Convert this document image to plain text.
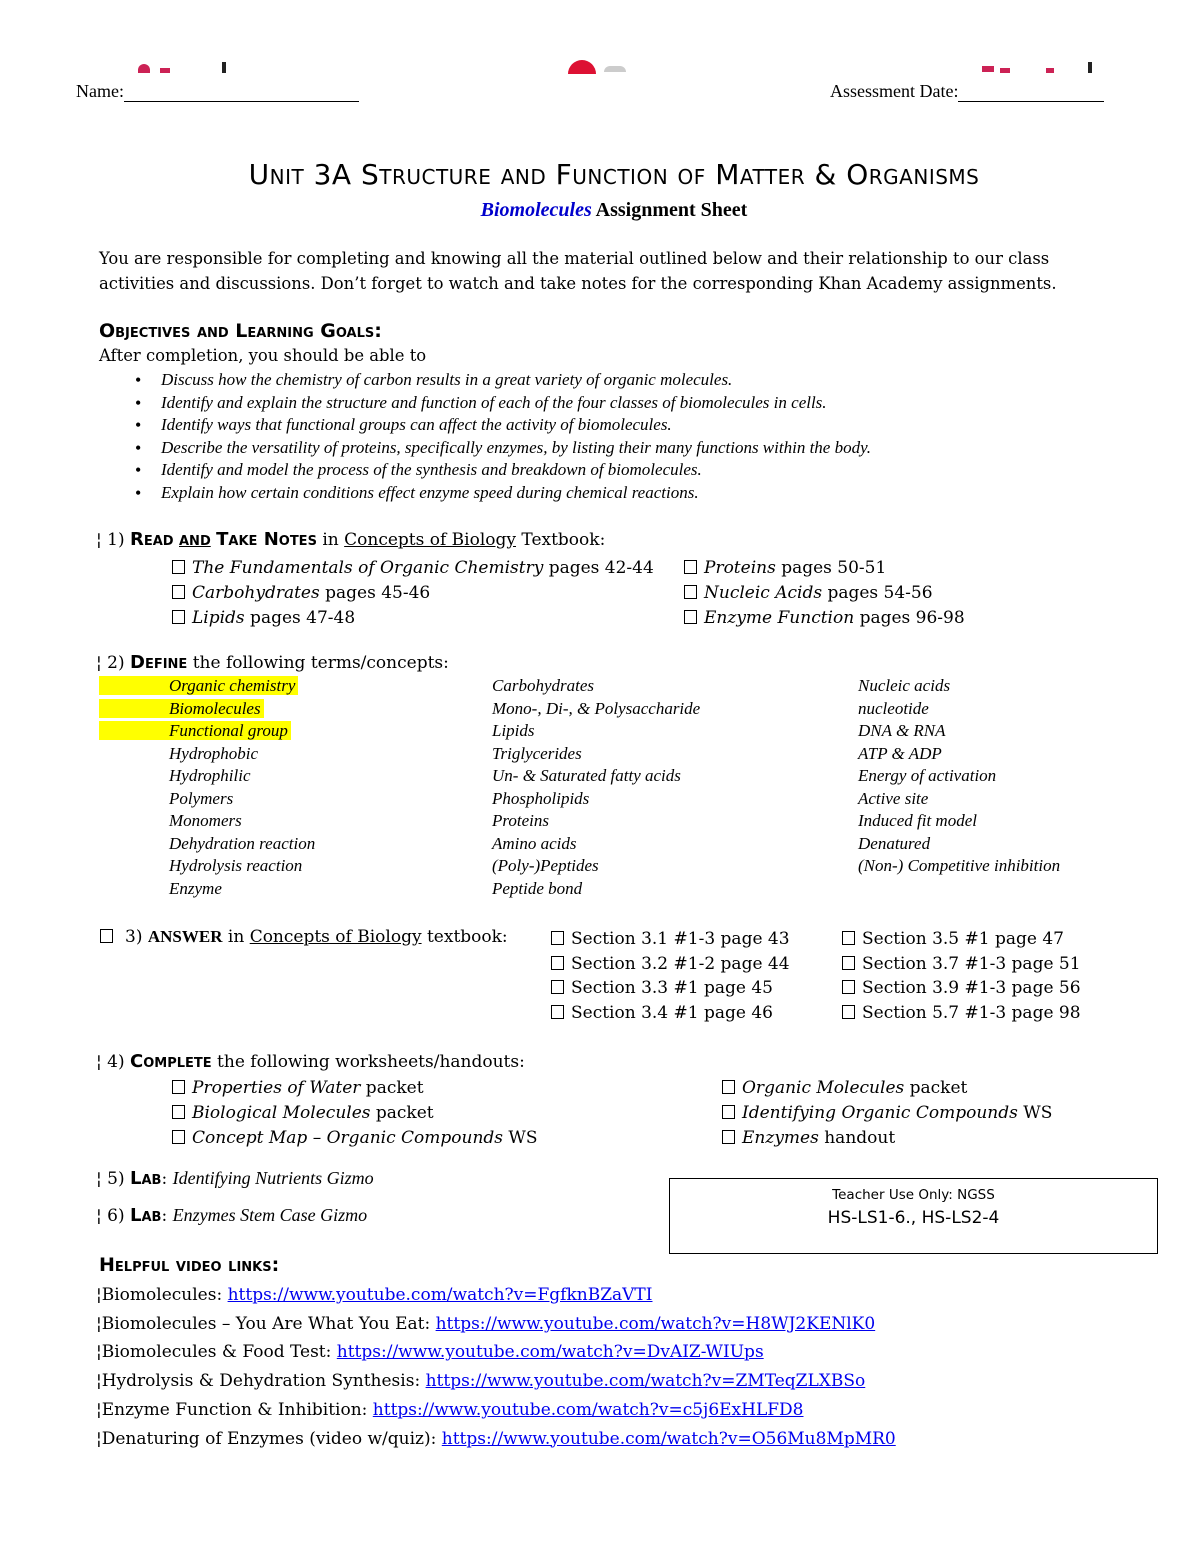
Name:	Assessment Date:
Unit 3A Structure and Function of Matter & Organisms
Biomolecules Assignment Sheet
You are responsible for completing and knowing all the material outlined below and their relationship to our class activities and discussions. Don’t forget to watch and take notes for the corresponding Khan Academy assignments.
Objectives and Learning Goals:
After completion, you should be able to
• Discuss how the chemistry of carbon results in a great variety of organic molecules.
• Identify and explain the structure and function of each of the four classes of biomolecules in cells.
• Identify ways that functional groups can affect the activity of biomolecules.
• Describe the versatility of proteins, specifically enzymes, by listing their many functions within the body.
• Identify and model the process of the synthesis and breakdown of biomolecules.
• Explain how certain conditions effect enzyme speed during chemical reactions.
¦ 1) Read and Take Notes in Concepts of Biology Textbook:
The Fundamentals of Organic Chemistry pages 42-44
Carbohydrates pages 45-46
Lipids pages 47-48
Proteins pages 50-51
Nucleic Acids pages 54-56
Enzyme Function pages 96-98
¦ 2) Define the following terms/concepts:
Organic chemistry
Biomolecules
Functional group
Hydrophobic
Hydrophilic
Polymers
Monomers
Dehydration reaction
Hydrolysis reaction
Enzyme
Carbohydrates
Mono-, Di-, & Polysaccharide
Lipids
Triglycerides
Un- & Saturated fatty acids
Phospholipids
Proteins
Amino acids
(Poly-)Peptides
Peptide bond
Nucleic acids
nucleotide
DNA & RNA
ATP & ADP
Energy of activation
Active site
Induced fit model
Denatured
(Non-) Competitive inhibition
3) ANSWER in Concepts of Biology textbook:	Section 3.1 #1-3 page 43
Section 3.2 #1-2 page 44
Section 3.3 #1 page 45
Section 3.4 #1 page 46
Section 3.5 #1 page 47
Section 3.7 #1-3 page 51
Section 3.9 #1-3 page 56
Section 5.7 #1-3 page 98
¦ 4) Complete the following worksheets/handouts:
Properties of Water packet
Biological Molecules packet
Concept Map – Organic Compounds WS
Organic Molecules packet
Identifying Organic Compounds WS
Enzymes handout
¦ 5) Lab: Identifying Nutrients Gizmo
¦ 6) Lab: Enzymes Stem Case Gizmo
Teacher Use Only: NGSS
HS-LS1-6., HS-LS2-4
Helpful video links:
¦Biomolecules: https://www.youtube.com/watch?v=FgfknBZaVTI
¦Biomolecules – You Are What You Eat: https://www.youtube.com/watch?v=H8WJ2KENlK0
¦Biomolecules & Food Test: https://www.youtube.com/watch?v=DvAIZ-WIUps
¦Hydrolysis & Dehydration Synthesis: https://www.youtube.com/watch?v=ZMTeqZLXBSo
¦Enzyme Function & Inhibition: https://www.youtube.com/watch?v=c5j6ExHLFD8
¦Denaturing of Enzymes (video w/quiz): https://www.youtube.com/watch?v=O56Mu8MpMR0
